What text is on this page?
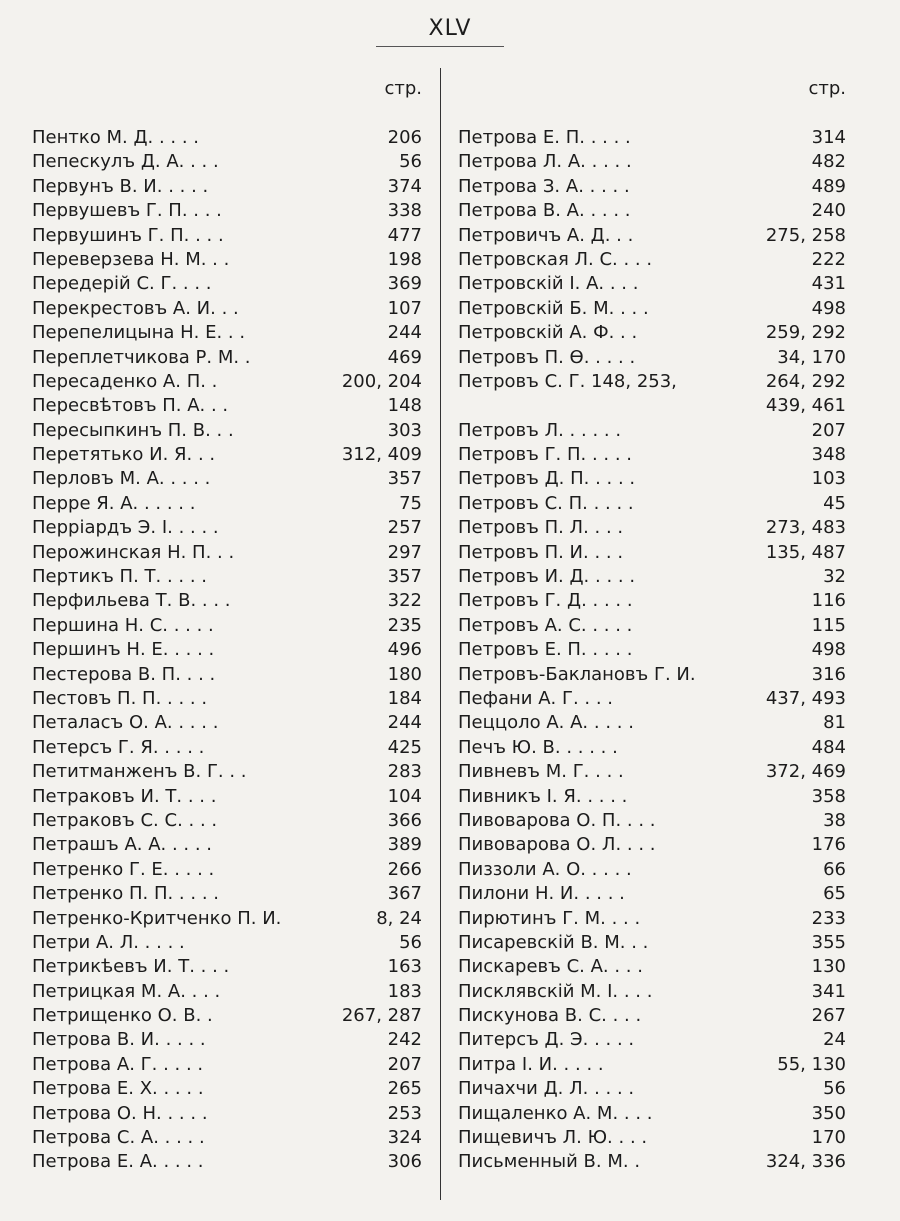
XLV
стр.
Пентко М. Д. . . . .	206
Пепескулъ Д. А. . . .	56
Первунъ В. И. . . . .	374
Первушевъ Г. П. . . .	338
Первушинъ Г. П. . . .	477
Переверзева Н. М. . .	198
Передерій С. Г. . . .	369
Перекрестовъ А. И. . .	107
Перепелицына Н. Е. . .	244
Переплетчикова Р. М. .	469
Пересаденко А. П. .	200, 204
Пересвѣтовъ П. А. . .	148
Пересыпкинъ П. В. . .	303
Перетятько И. Я. . .	312, 409
Перловъ М. А. . . . .	357
Перре Я. А. . . . . .	75
Перріардъ Э. І. . . . .	257
Перожинская Н. П. . .	297
Пертикъ П. Т. . . . .	357
Перфильева Т. В. . . .	322
Першина Н. С. . . . .	235
Першинъ Н. Е. . . . .	496
Пестерова В. П. . . .	180
Пестовъ П. П. . . . .	184
Петаласъ О. А. . . . .	244
Петерсъ Г. Я. . . . .	425
Петитманженъ В. Г. . .	283
Петраковъ И. Т. . . .	104
Петраковъ С. С. . . .	366
Петрашъ А. А. . . . .	389
Петренко Г. Е. . . . .	266
Петренко П. П. . . . .	367
Петренко-Критченко П. И.	8, 24
Петри А. Л. . . . .	56
Петрикѣевъ И. Т. . . .	163
Петрицкая М. А. . . .	183
Петрищенко О. В. .	267, 287
Петрова В. И. . . . .	242
Петрова А. Г. . . . .	207
Петрова Е. Х. . . . .	265
Петрова О. Н. . . . .	253
Петрова С. А. . . . .	324
Петрова Е. А. . . . .	306
стр.
Петрова Е. П. . . . .	314
Петрова Л. А. . . . .	482
Петрова З. А. . . . .	489
Петрова В. А. . . . .	240
Петровичъ А. Д. . .	275, 258
Петровская Л. С. . . .	222
Петровскій І. А. . . .	431
Петровскій Б. М. . . .	498
Петровскій А. Ф. . .	259, 292
Петровъ П. Ѳ. . . . .	34, 170
Петровъ С. Г. 148, 253,	264, 292
439, 461
Петровъ Л. . . . . .	207
Петровъ Г. П. . . . .	348
Петровъ Д. П. . . . .	103
Петровъ С. П. . . . .	45
Петровъ П. Л. . . .	273, 483
Петровъ П. И. . . .	135, 487
Петровъ И. Д. . . . .	32
Петровъ Г. Д. . . . .	116
Петровъ А. С. . . . .	115
Петровъ Е. П. . . . .	498
Петровъ-Баклановъ Г. И.	316
Пефани А. Г. . . .	437, 493
Пеццоло А. А. . . . .	81
Печъ Ю. В. . . . . .	484
Пивневъ М. Г. . . .	372, 469
Пивникъ І. Я. . . . .	358
Пивоварова О. П. . . .	38
Пивоварова О. Л. . . .	176
Пиззоли А. О. . . . .	66
Пилони Н. И. . . . .	65
Пирютинъ Г. М. . . .	233
Писаревскій В. М. . .	355
Пискаревъ С. А. . . .	130
Писклявскій М. І. . . .	341
Пискунова В. С. . . .	267
Питерсъ Д. Э. . . . .	24
Питра І. И. . . . .	55, 130
Пичахчи Д. Л. . . . .	56
Пищаленко А. М. . . .	350
Пищевичъ Л. Ю. . . .	170
Письменный В. М. .	324, 336
